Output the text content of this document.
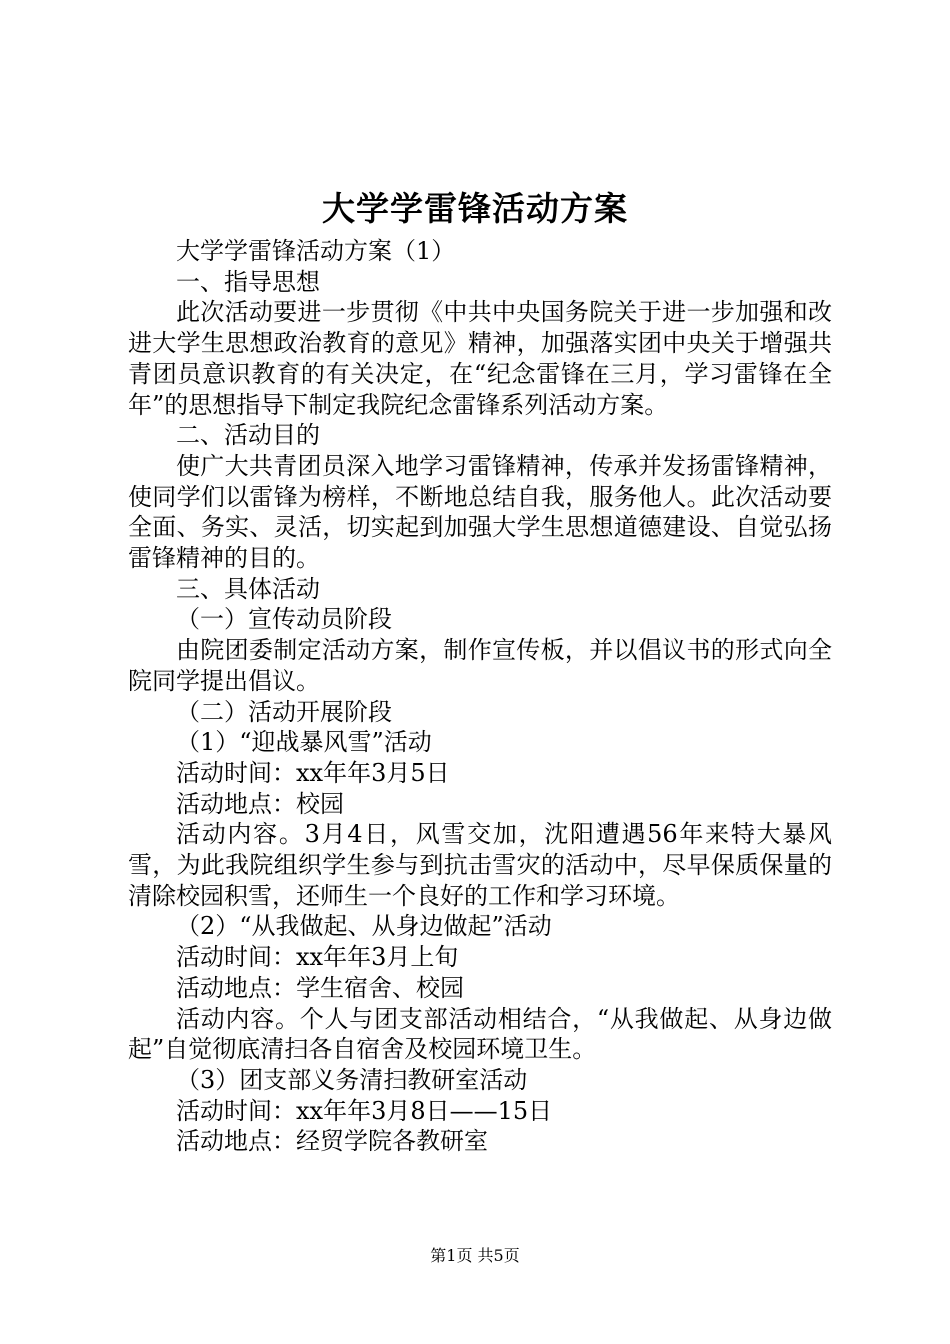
大学学雷锋活动方案

大学学雷锋活动方案（1）

一、指导思想

此次活动要进一步贯彻《中共中央国务院关于进一步加强和改进大学生思想政治教育的意见》精神，加强落实团中央关于增强共青团员意识教育的有关决定，在“纪念雷锋在三月，学习雷锋在全年”的思想指导下制定我院纪念雷锋系列活动方案。

二、活动目的

使广大共青团员深入地学习雷锋精神，传承并发扬雷锋精神，使同学们以雷锋为榜样，不断地总结自我，服务他人。此次活动要全面、务实、灵活，切实起到加强大学生思想道德建设、自觉弘扬雷锋精神的目的。

三、具体活动

（一）宣传动员阶段

由院团委制定活动方案，制作宣传板，并以倡议书的形式向全院同学提出倡议。

（二）活动开展阶段

（1）“迎战暴风雪”活动

活动时间：xx年年3月5日

活动地点：校园

活动内容。3月4日，风雪交加，沈阳遭遇56年来特大暴风雪，为此我院组织学生参与到抗击雪灾的活动中，尽早保质保量的清除校园积雪，还师生一个良好的工作和学习环境。

（2）“从我做起、从身边做起”活动

活动时间：xx年年3月上旬

活动地点：学生宿舍、校园

活动内容。个人与团支部活动相结合，“从我做起、从身边做起”自觉彻底清扫各自宿舍及校园环境卫生。

（3）团支部义务清扫教研室活动

活动时间：xx年年3月8日——15日

活动地点：经贸学院各教研室

第1页 共5页
